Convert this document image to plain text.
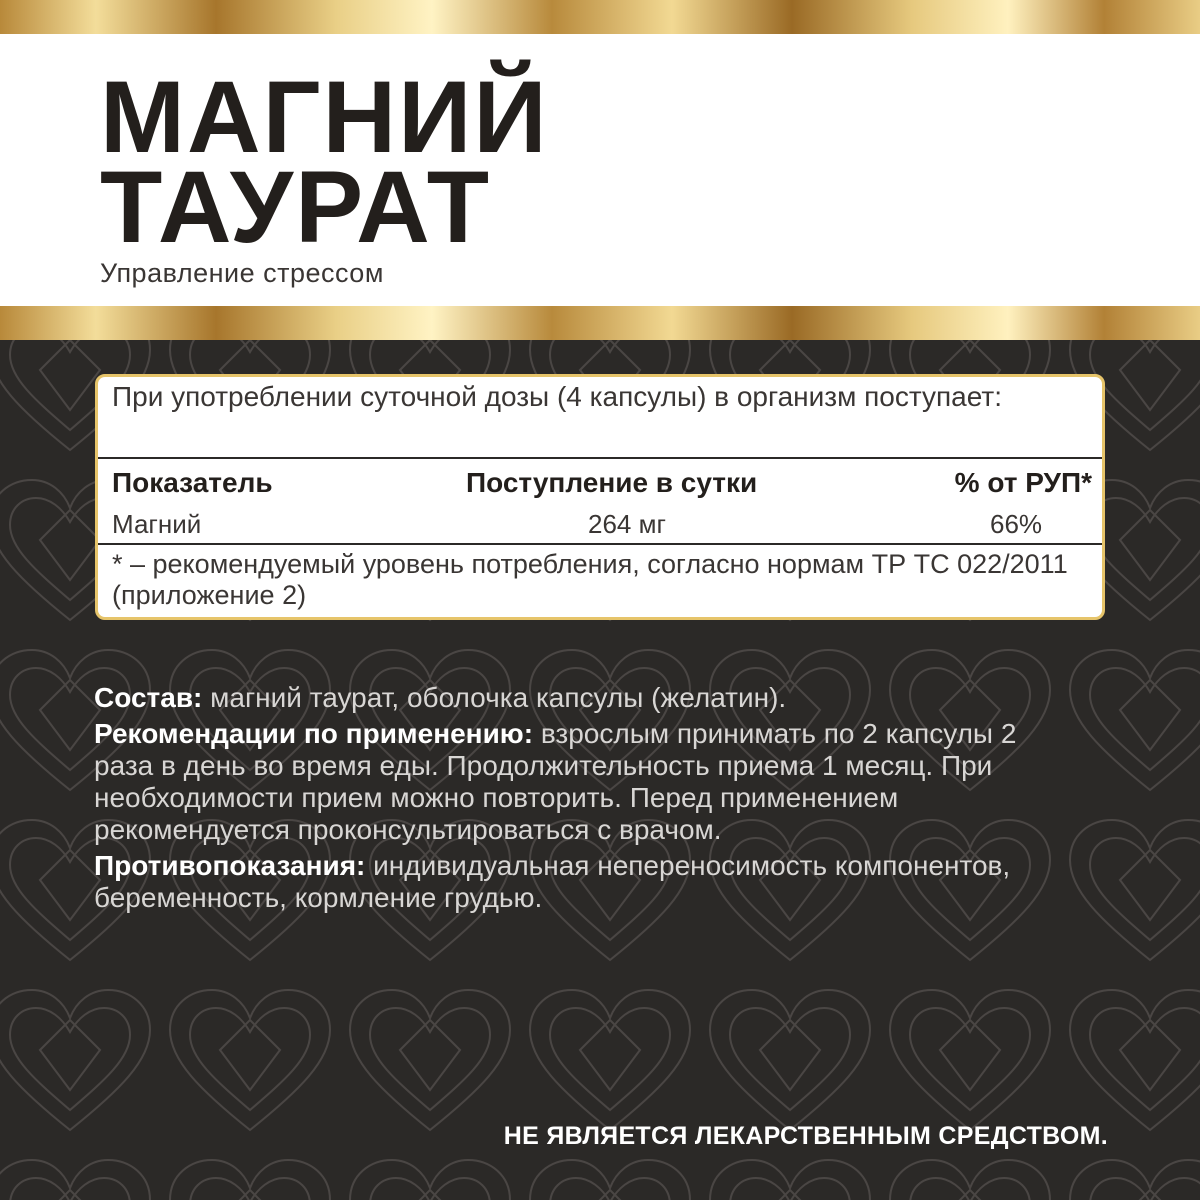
МАГНИЙ
ТАУРАТ
Управление стрессом
При употреблении суточной дозы (4 капсулы) в организм поступает:
Показатель	Поступление в сутки	% от РУП*
Магний	264 мг	66%
* – рекомендуемый уровень потребления, согласно нормам ТР ТС 022/2011 (приложение 2)

Состав: магний таурат, оболочка капсулы (желатин).

Рекомендации по применению: взрослым принимать по 2 капсулы 2 раза в день во время еды. Продолжительность приема 1 месяц. При необходимости прием можно повторить. Перед применением рекомендуется проконсультироваться с врачом.

Противопоказания: индивидуальная непереносимость компонентов, беременность, кормление грудью.

НЕ ЯВЛЯЕТСЯ ЛЕКАРСТВЕННЫМ СРЕДСТВОМ.
